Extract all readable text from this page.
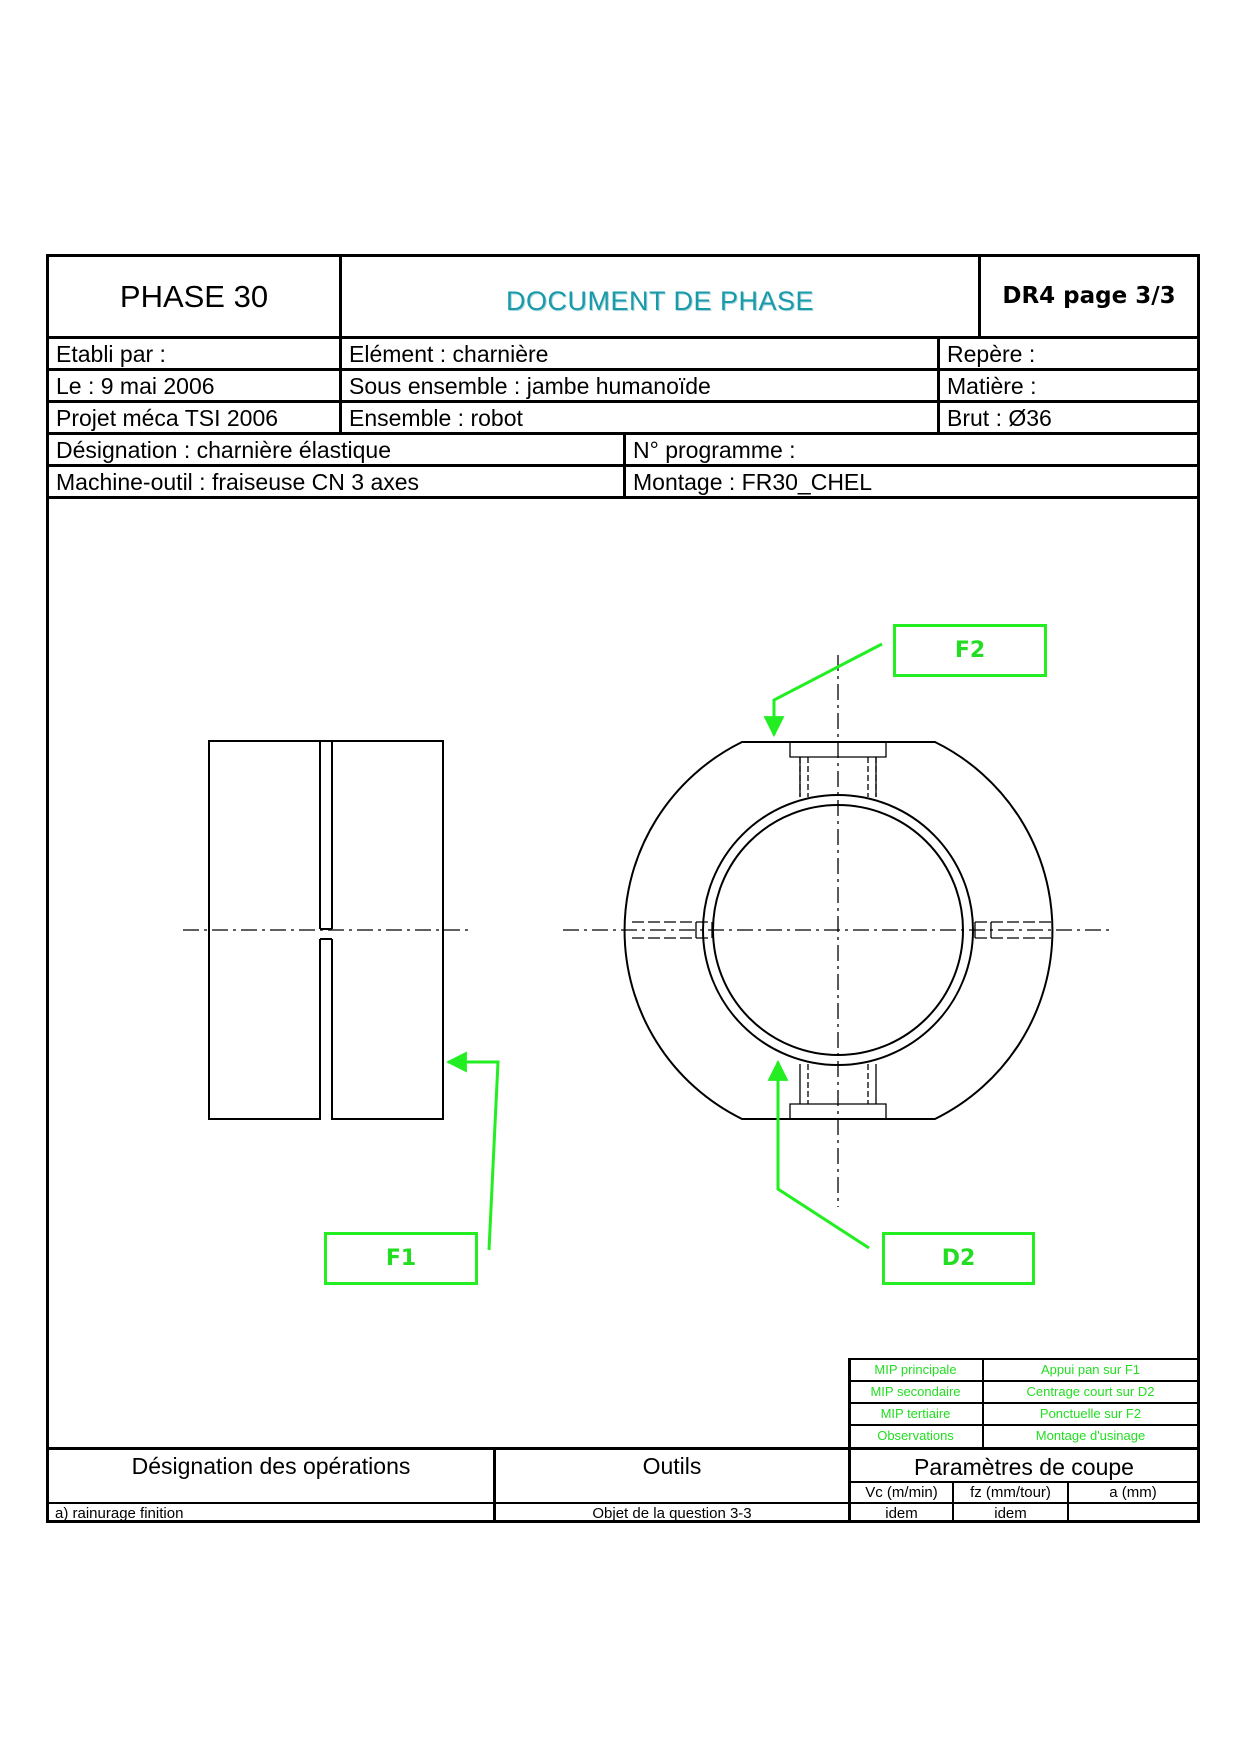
PHASE 30	DOCUMENT DE PHASE	DR4 page 3/3
Etabli par :	Elément : charnière	Repère :
Le : 9 mai 2006	Sous ensemble : jambe humanoïde	Matière :
Projet méca TSI 2006	Ensemble : robot	Brut : Ø36
Désignation : charnière élastique	N° programme :
Machine-outil : fraiseuse CN 3 axes	Montage : FR30_CHEL
MIP principale	Appui pan sur F1
MIP secondaire	Centrage court sur D2
MIP tertiaire	Ponctuelle sur F2
Observations	Montage d'usinage
Désignation des opérations	Outils	Paramètres de coupe
Vc (m/min)	fz (mm/tour)	a (mm)
a) rainurage finition	Objet de la question 3-3	idem	idem
F2
F1	D2
